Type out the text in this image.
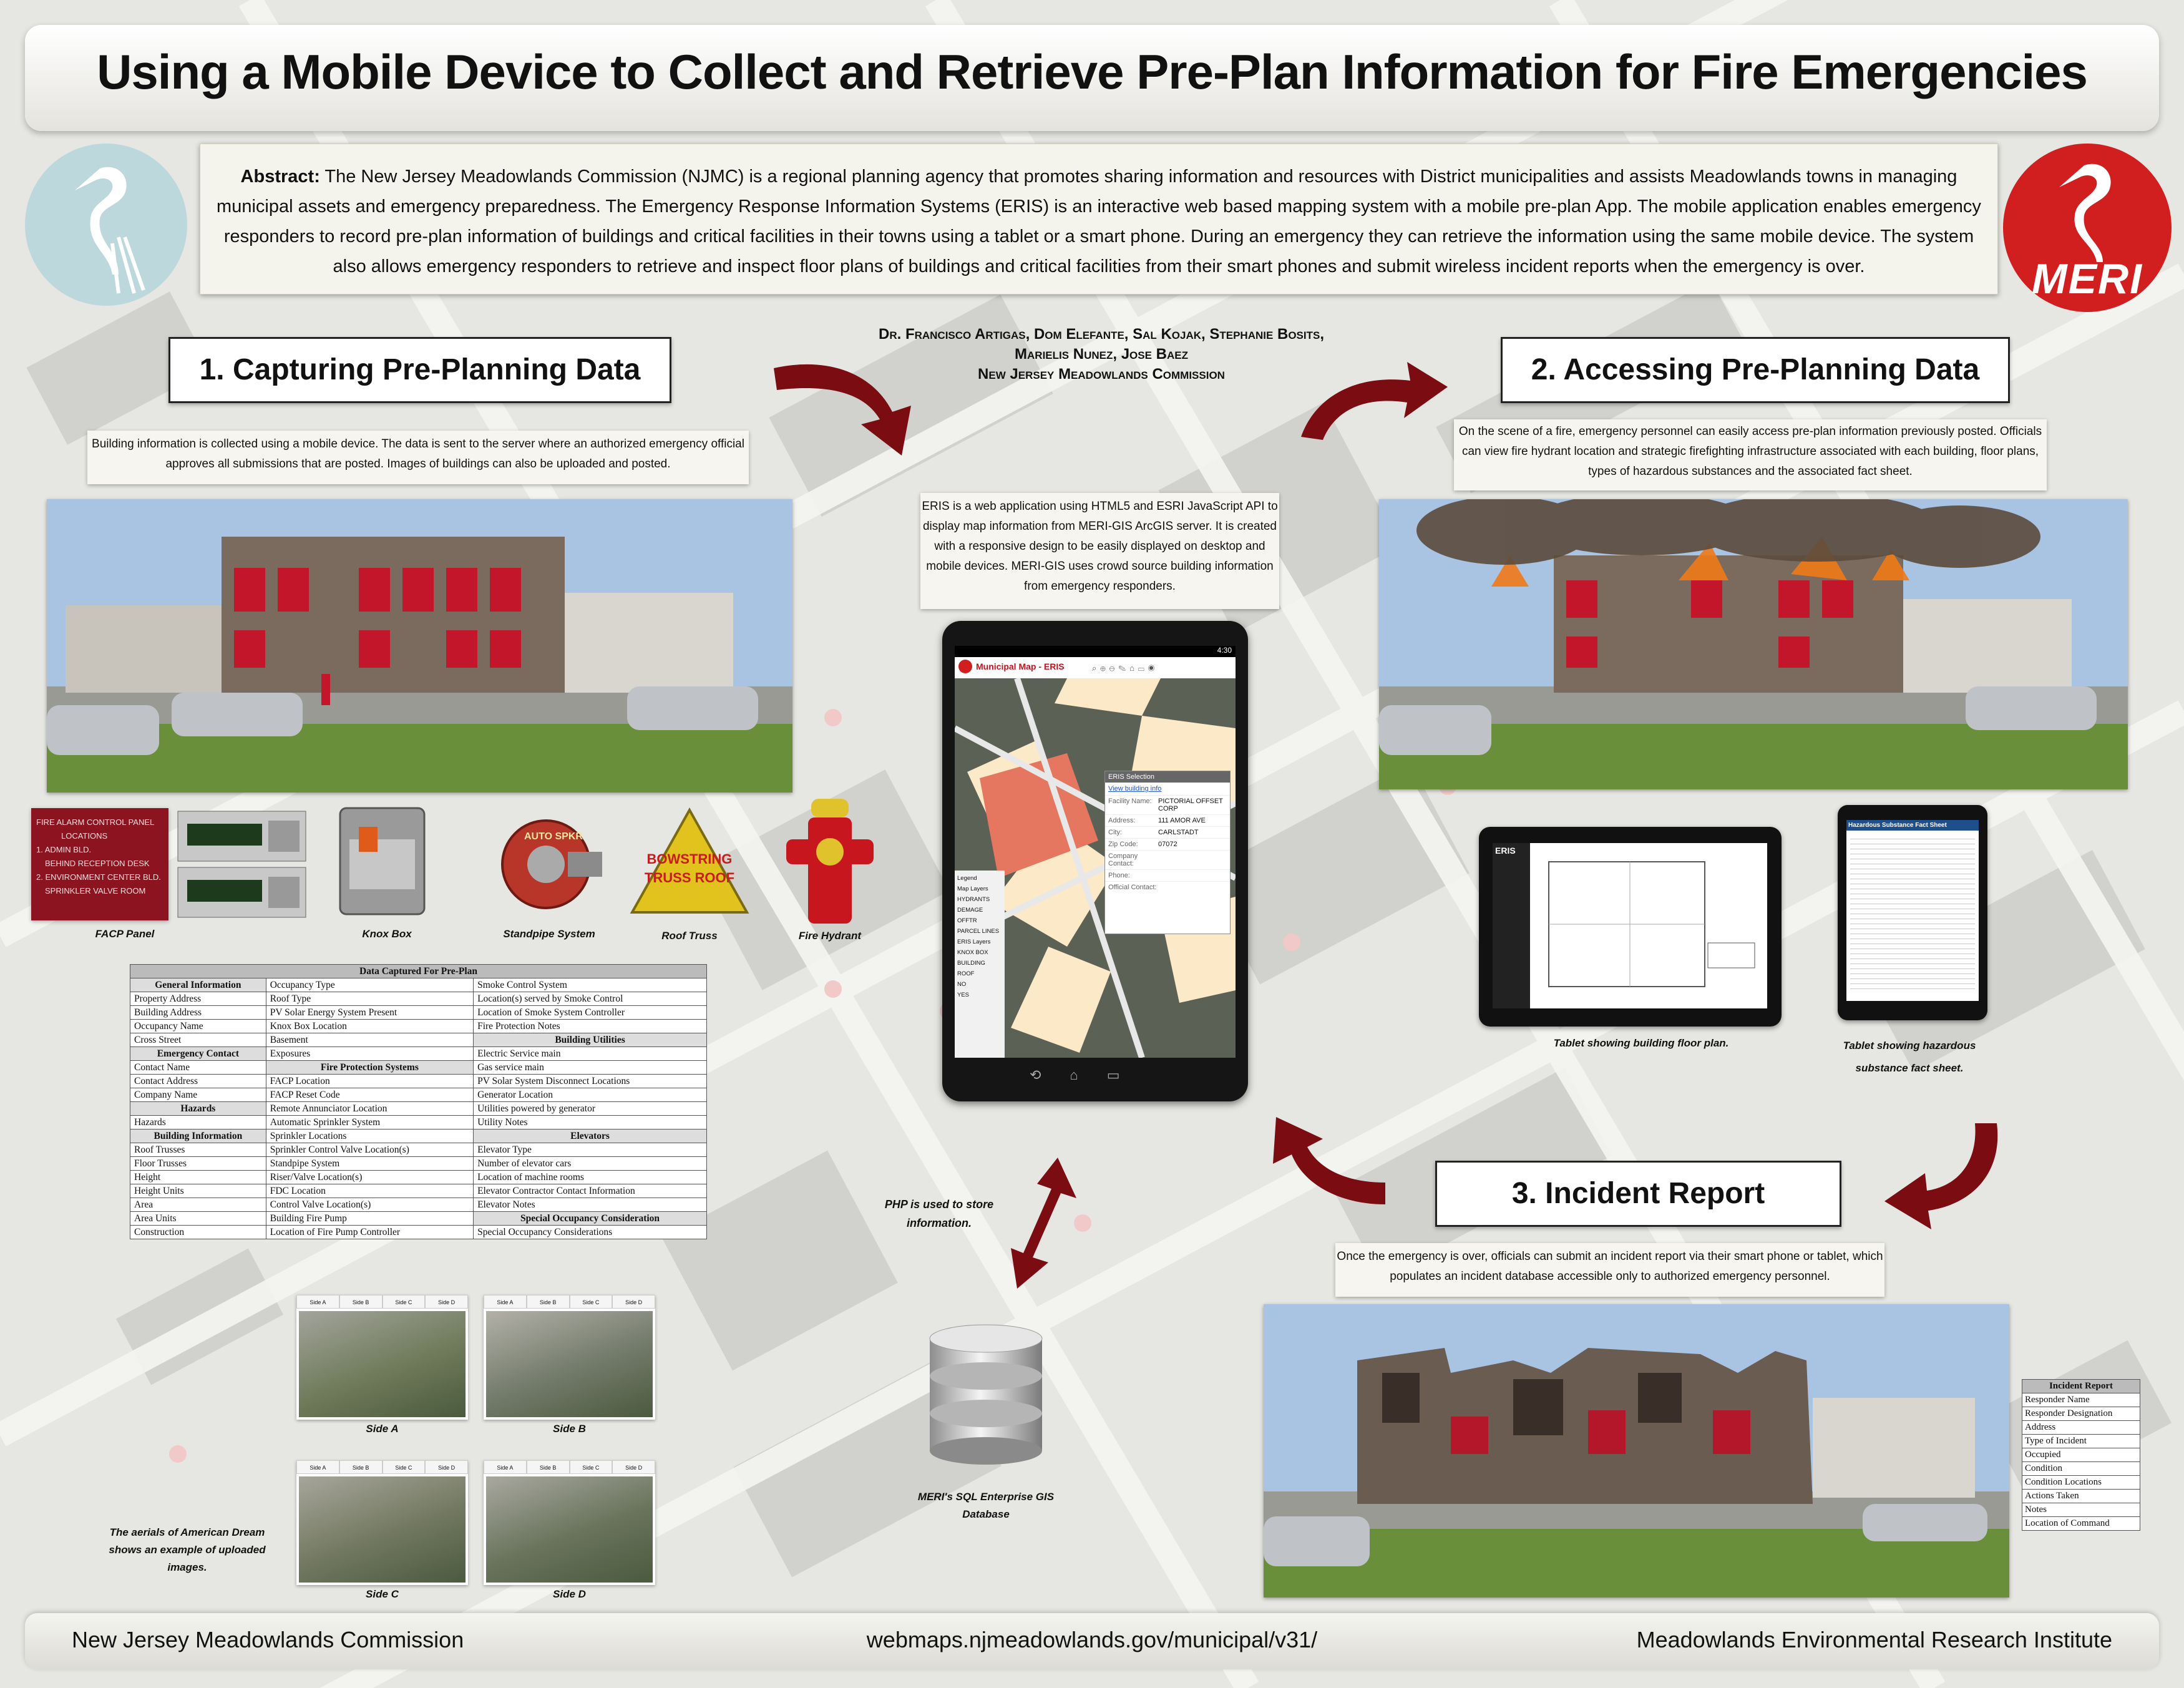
Using a Mobile Device to Collect and Retrieve Pre-Plan Information for Fire Emergencies

Abstract: The New Jersey Meadowlands Commission (NJMC) is a regional planning agency that promotes sharing information and resources with District municipalities and assists Meadowlands towns in managing municipal assets and emergency preparedness. The Emergency Response Information Systems (ERIS) is an interactive web based mapping system with a mobile pre-plan App. The mobile application enables emergency responders to record pre-plan information of buildings and critical facilities in their towns using a tablet or a smart phone. During an emergency they can retrieve the information using the same mobile device. The system also allows emergency responders to retrieve and inspect floor plans of buildings and critical facilities from their smart phones and submit wireless incident reports when the emergency is over.	MERI
1. Capturing Pre-Planning Data
Building information is collected using a mobile device. The data is sent to the server where an authorized emergency official approves all submissions that are posted. Images of buildings can also be uploaded and posted.
Dr. Francisco Artigas, Dom Elefante, Sal Kojak, Stephanie Bosits,
Marielis Nunez, Jose Baez
New Jersey Meadowlands Commission	2. Accessing Pre-Planning Data
On the scene of a fire, emergency personnel can easily access pre-plan information previously posted. Officials can view fire hydrant location and strategic firefighting infrastructure associated with each building, floor plans, types of hazardous substances and the associated fact sheet.
FIRE ALARM CONTROL PANEL
LOCATIONS
1. ADMIN BLD.
BEHIND RECEPTION DESK
2. ENVIRONMENT CENTER BLD.
SPRINKLER VALVE ROOM
AUTO SPKR
BOWSTRING
TRUSS ROOF
FACP Panel	Knox Box	Standpipe System	Roof Truss	Fire Hydrant
Data Captured For Pre-Plan		
General Information	Occupancy Type	Smoke Control System
Property Address	Roof Type	Location(s) served by Smoke Control
Building Address	PV Solar Energy System Present	Location of Smoke System Controller
Occupancy Name	Knox Box Location	Fire Protection Notes
Cross Street	Basement	Building Utilities
Emergency Contact	Exposures	Electric Service main
Contact Name	Fire Protection Systems	Gas service main
Contact Address	FACP Location	PV Solar System Disconnect Locations
Company Name	FACP Reset Code	Generator Location
Hazards	Remote Annunciator Location	Utilities powered by generator
Hazards	Automatic Sprinkler System	Utility Notes
Building Information	Sprinkler Locations	Elevators
Roof Trusses	Sprinkler Control Valve Location(s)	Elevator Type
Floor Trusses	Standpipe System	Number of elevator cars
Height	Riser/Valve Location(s)	Location of machine rooms
Height Units	FDC Location	Elevator Contractor Contact Information
Area	Control Valve Location(s)	Elevator Notes
Area Units	Building Fire Pump	Special Occupancy Consideration
Construction	Location of Fire Pump Controller	Special Occupancy Considerations
Side A	Side B	Side C	Side D
Side A
Side A	Side B	Side C	Side D
Side B
Side A	Side B	Side C	Side D
Side C
Side A	Side B	Side C	Side D
Side D
The aerials of American Dream shows an example of uploaded images.
ERIS is a web application using HTML5 and ESRI JavaScript API to display map information from MERI-GIS ArcGIS server. It is created with a responsive design to be easily displayed on desktop and mobile devices. MERI-GIS uses crowd source building information from emergency responders.
4:30
Municipal Map - ERIS	⌕⊕⊖✎⌂▭◉
ERIS Selection
View building info
Facility Name: PICTORIAL OFFSET CORP
Address:	111 AMOR AVE
City:	CARLSTADT
Zip Code:	07072
Company Contact:
Phone:
Official Contact:
Legend
Map Layers
HYDRANTS
DEMAGE
OFFTR
PARCEL LINES
ERIS Layers
KNOX BOX
BUILDING ROOF
NO
YES
⟲⌂▭
PHP is used to store information.
MERI's SQL Enterprise GIS Database
ERIS
Hazardous Substance Fact Sheet
Tablet showing building floor plan.	Tablet showing hazardous substance fact sheet.
3. Incident Report
Once the emergency is over, officials can submit an incident report via their smart phone or tablet, which populates an incident database accessible only to authorized emergency personnel.
Incident Report
Responder Name
Responder Designation
Address
Type of Incident
Occupied
Condition
Condition Locations
Actions Taken
Notes
Location of Command
New Jersey Meadowlands Commission	webmaps.njmeadowlands.gov/municipal/v31/	Meadowlands Environmental Research Institute
